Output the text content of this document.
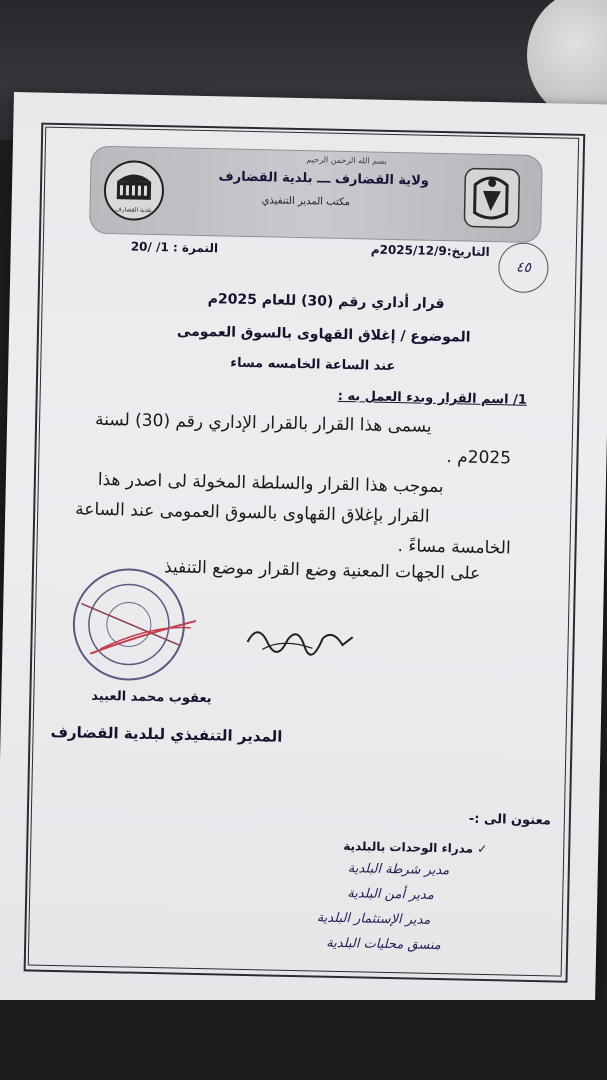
بلدية القضارف
بسم الله الرحمن الرحيم
ولاية القضارف ـــ بلدية القضارف
مكتب المدير التنفيذي
النمرة : 1/ /20	التاريخ:2025/12/9م
٤٥
قرار أداري رقم (30) للعام 2025م
الموضوع / إغلاق القهاوى بالسوق العمومى
عند الساعة الخامسه مساء
1/ اسم القرار وبدء العمل به :
يسمى هذا القرار بالقرار الإداري رقم (30) لسنة
2025م .
بموجب هذا القرار والسلطة المخولة لى اصدر هذا
القرار بإغلاق القهاوى بالسوق العمومى عند الساعة
الخامسة مساءً .
على الجهات المعنية وضع القرار موضع التنفيذ
يعقوب محمد العبيد
المدير التنفيذي لبلدية القضارف
معنون الى :-
✓ مدراء الوحدات بالبلدية
مدير شرطة البلدية
مدير أمن البلدية
مدير الإستثمار البلدية
منسق محليات البلدية
